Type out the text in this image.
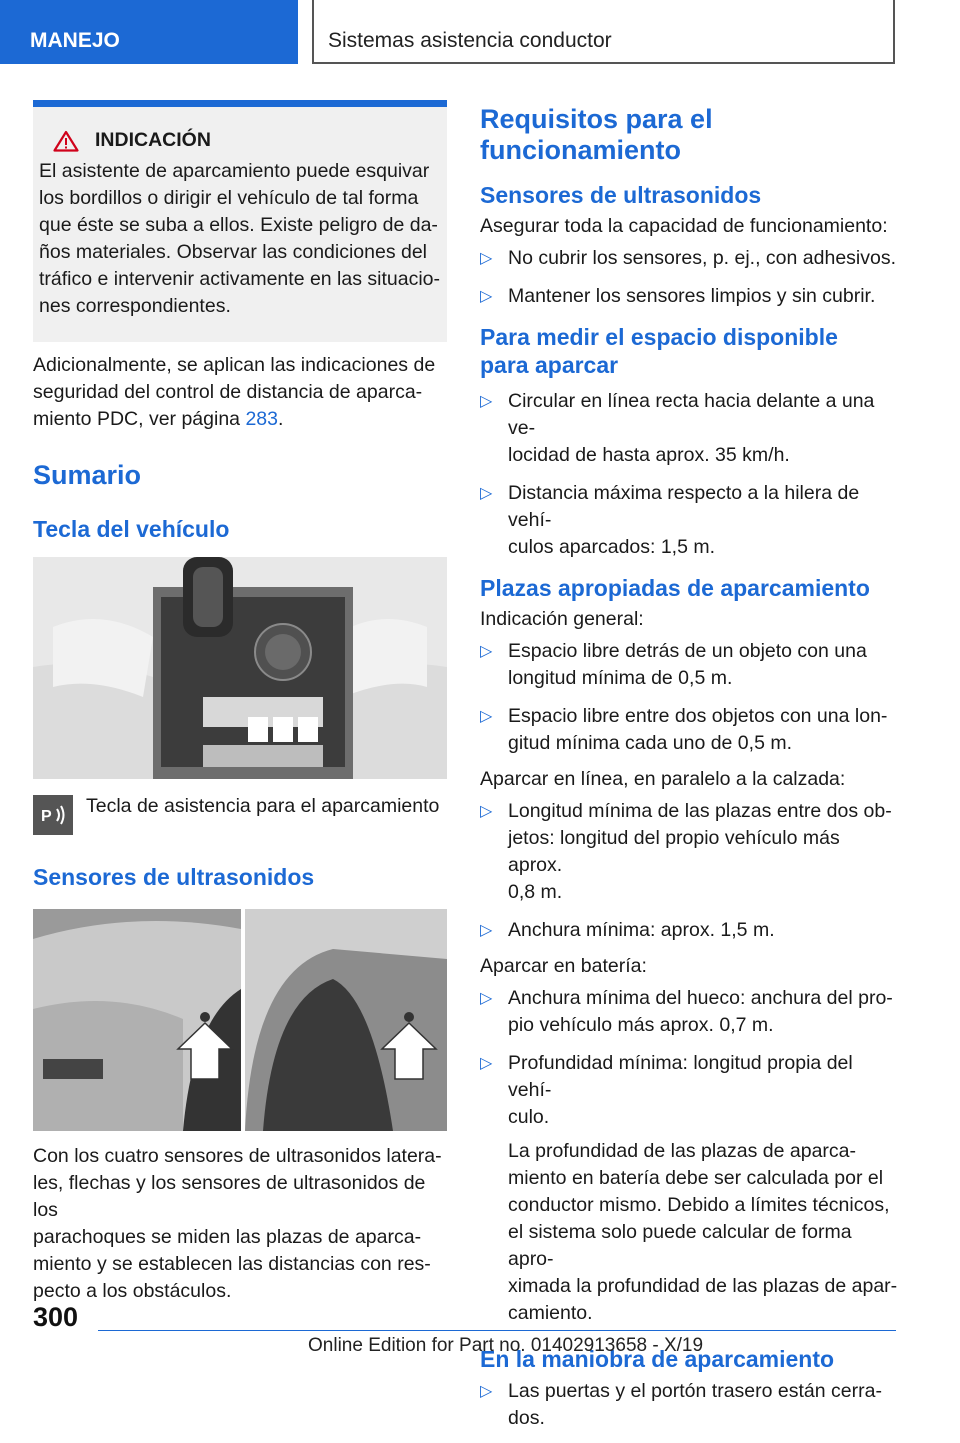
MANEJO	Sistemas asistencia conductor
INDICACIÓN
El asistente de aparcamiento puede esquivar
los bordillos o dirigir el vehículo de tal forma
que éste se suba a ellos. Existe peligro de da‐
ños materiales. Observar las condiciones del
tráfico e intervenir activamente en las situacio‐
nes correspondientes.

Adicionalmente, se aplican las indicaciones de
seguridad del control de distancia de aparca‐
miento PDC, ver página 283.

Sumario
Tecla del vehículo
P Tecla de asistencia para el aparcamiento

Sensores de ultrasonidos

Con los cuatro sensores de ultrasonidos latera‐
les, flechas y los sensores de ultrasonidos de los
parachoques se miden las plazas de aparca‐
miento y se establecen las distancias con res‐
pecto a los obstáculos.

Requisitos para el
funcionamiento
Sensores de ultrasonidos

Asegurar toda la capacidad de funcionamiento:

▷ No cubrir los sensores, p. ej., con adhesivos.
▷ Mantener los sensores limpios y sin cubrir.
Para medir el espacio disponible
para aparcar
▷ Circular en línea recta hacia delante a una ve‐
locidad de hasta aprox. 35 km/h.
▷ Distancia máxima respecto a la hilera de vehí‐
culos aparcados: 1,5 m.
Plazas apropiadas de aparcamiento

Indicación general:

▷ Espacio libre detrás de un objeto con una
longitud mínima de 0,5 m.
▷ Espacio libre entre dos objetos con una lon‐
gitud mínima cada uno de 0,5 m.

Aparcar en línea, en paralelo a la calzada:

▷ Longitud mínima de las plazas entre dos ob‐
jetos: longitud del propio vehículo más aprox.
0,8 m.
▷ Anchura mínima: aprox. 1,5 m.

Aparcar en batería:

▷ Anchura mínima del hueco: anchura del pro‐
pio vehículo más aprox. 0,7 m.
▷ Profundidad mínima: longitud propia del vehí‐
culo.

La profundidad de las plazas de aparca‐
miento en batería debe ser calculada por el
conductor mismo. Debido a límites técnicos,
el sistema solo puede calcular de forma apro‐
ximada la profundidad de las plazas de apar‐
camiento.

En la maniobra de aparcamiento
▷ Las puertas y el portón trasero están cerra‐
dos.
300
Online Edition for Part no. 01402913658 - X/19
